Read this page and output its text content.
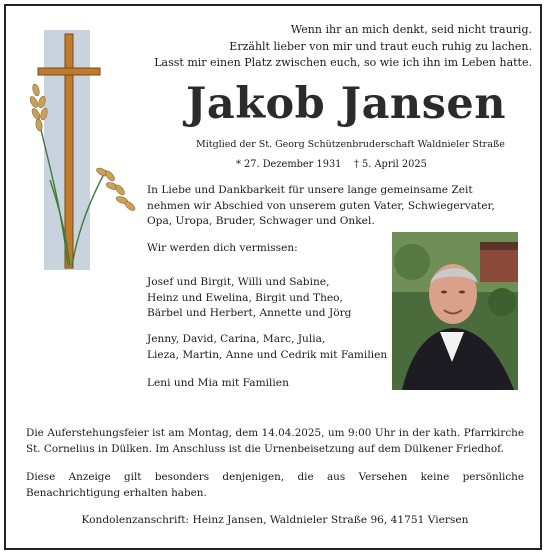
Wenn ihr an mich denkt, seid nicht traurig.
Erzählt lieber von mir und traut euch ruhig zu lachen.
Lasst mir einen Platz zwischen euch, so wie ich ihn im Leben hatte.
Jakob Jansen
Mitglied der St. Georg Schützenbruderschaft Waldnieler Straße
* 27. Dezember 1931 † 5. April 2025
In Liebe und Dankbarkeit für unsere lange gemeinsame Zeit nehmen wir Abschied von unserem guten Vater, Schwiegervater, Opa, Uropa, Bruder, Schwager und Onkel.
Wir werden dich vermissen:
Josef und Birgit, Willi und Sabine,
Heinz und Ewelina, Birgit und Theo,
Bärbel und Herbert, Annette und Jörg
Jenny, David, Carina, Marc, Julia,
Lieza, Martin, Anne und Cedrik mit Familien
Leni und Mia mit Familien
Die Auferstehungsfeier ist am Montag, dem 14.04.2025, um 9:00 Uhr in der kath. Pfarrkirche St. Cornelius in Dülken. Im Anschluss ist die Urnenbeisetzung auf dem Dülkener Friedhof.
Diese Anzeige gilt besonders denjenigen, die aus Versehen keine persönliche Benachrichtigung erhalten haben.
Kondolenzanschrift: Heinz Jansen, Waldnieler Straße 96, 41751 Viersen
